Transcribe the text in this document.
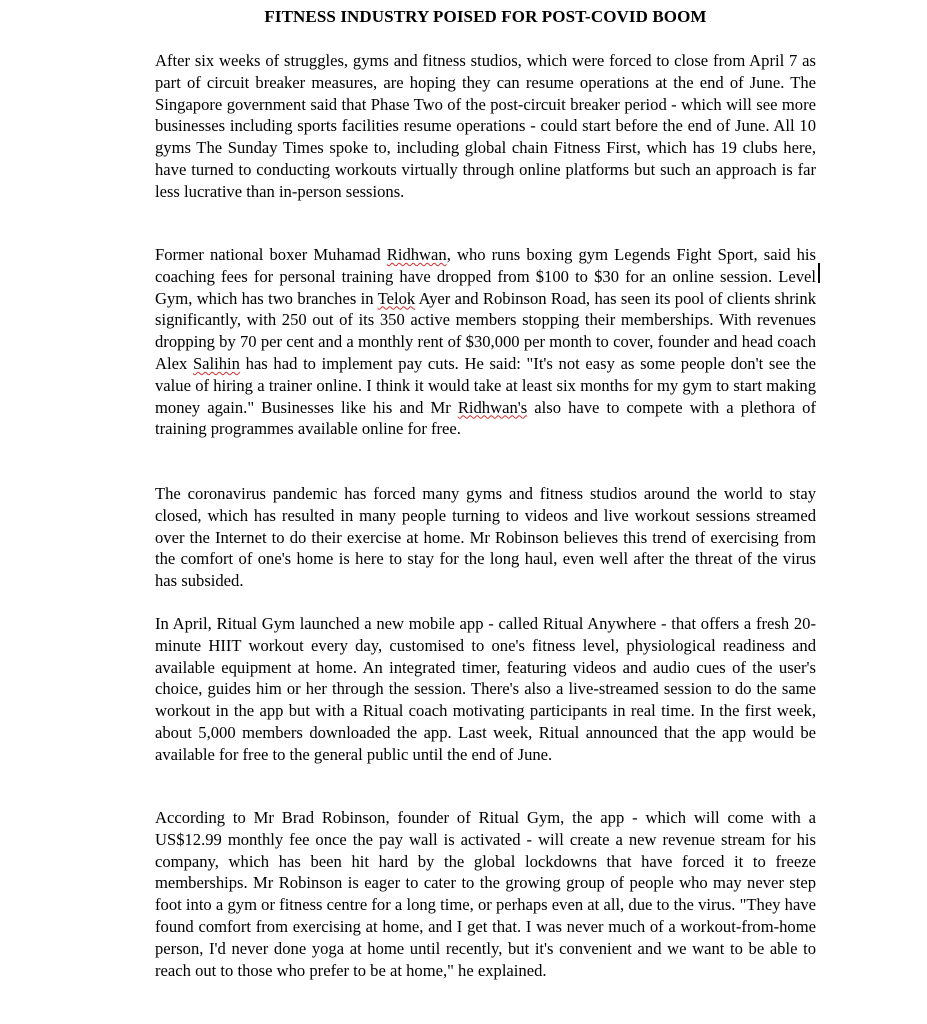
FITNESS INDUSTRY POISED FOR POST-COVID BOOM

After six weeks of struggles, gyms and fitness studios, which were forced to close from April 7 as part of circuit breaker measures, are hoping they can resume operations at the end of June. The Singapore government said that Phase Two of the post-circuit breaker period - which will see more businesses including sports facilities resume operations - could start before the end of June. All 10 gyms The Sunday Times spoke to, including global chain Fitness First, which has 19 clubs here, have turned to conducting workouts virtually through online platforms but such an approach is far less lucrative than in-person sessions.

Former national boxer Muhamad Ridhwan, who runs boxing gym Legends Fight Sport, said his coaching fees for personal training have dropped from $100 to $30 for an online session. Level Gym, which has two branches in Telok Ayer and Robinson Road, has seen its pool of clients shrink significantly, with 250 out of its 350 active members stopping their memberships. With revenues dropping by 70 per cent and a monthly rent of $30,000 per month to cover, founder and head coach Alex Salihin has had to implement pay cuts. He said: "It's not easy as some people don't see the value of hiring a trainer online. I think it would take at least six months for my gym to start making money again." Businesses like his and Mr Ridhwan's also have to compete with a plethora of training programmes available online for free.

The coronavirus pandemic has forced many gyms and fitness studios around the world to stay closed, which has resulted in many people turning to videos and live workout sessions streamed over the Internet to do their exercise at home. Mr Robinson believes this trend of exercising from the comfort of one's home is here to stay for the long haul, even well after the threat of the virus has subsided.

In April, Ritual Gym launched a new mobile app - called Ritual Anywhere - that offers a fresh 20-minute HIIT workout every day, customised to one's fitness level, physiological readiness and available equipment at home. An integrated timer, featuring videos and audio cues of the user's choice, guides him or her through the session. There's also a live-streamed session to do the same workout in the app but with a Ritual coach motivating participants in real time. In the first week, about 5,000 members downloaded the app. Last week, Ritual announced that the app would be available for free to the general public until the end of June.

According to Mr Brad Robinson, founder of Ritual Gym, the app - which will come with a US$12.99 monthly fee once the pay wall is activated - will create a new revenue stream for his company, which has been hit hard by the global lockdowns that have forced it to freeze memberships. Mr Robinson is eager to cater to the growing group of people who may never step foot into a gym or fitness centre for a long time, or perhaps even at all, due to the virus. "They have found comfort from exercising at home, and I get that. I was never much of a workout-from-home person, I'd never done yoga at home until recently, but it's convenient and we want to be able to reach out to those who prefer to be at home," he explained.
